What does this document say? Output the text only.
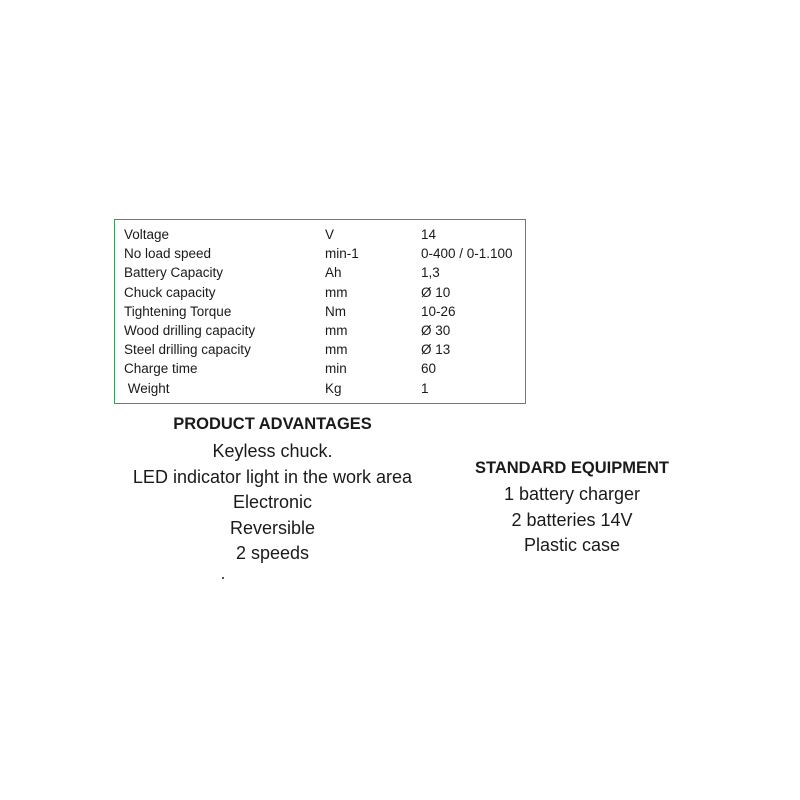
Voltage	V	14
No load speed	min-1	0-400 / 0-1.100
Battery Capacity	Ah	1,3
Chuck capacity	mm	Ø 10
Tightening Torque	Nm	10-26
Wood drilling capacity	mm	Ø 30
Steel drilling capacity	mm	Ø 13
Charge time	min	60
Weight	Kg	1
PRODUCT ADVANTAGES
Keyless chuck.
LED indicator light in the work area
Electronic
Reversible
2 speeds
STANDARD EQUIPMENT
1 battery charger
2 batteries 14V
Plastic case
